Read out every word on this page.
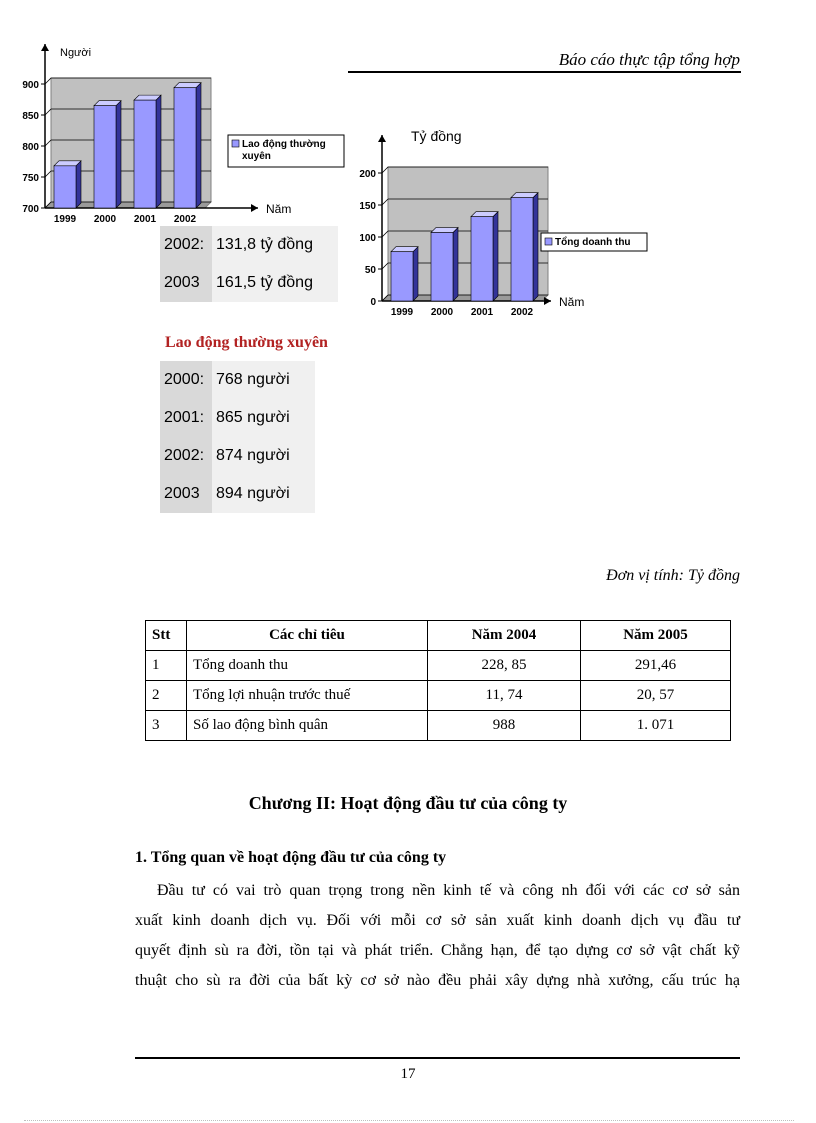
Báo cáo thực tập tổng hợp
700
750
800
850
900
1999 2000 2001 2002
Người
Năm
Lao động thường
xuyên
0
50
100
150
200
1999 2000 2001 2002
Tỷ đồng
Năm
Tổng doanh thu
2002: 131,8 tỷ đồng
2003	161,5 tỷ đồng
Lao động thường xuyên
2000: 768 người
2001: 865 người
2002: 874 người
2003	894 người
Đơn vị tính: Tỷ đồng
Stt	Các chỉ tiêu	Năm 2004	Năm 2005
1	Tổng doanh thu	228, 85	291,46
2	Tổng lợi nhuận trước thuế	11, 74	20, 57
3	Số lao động bình quân	988	1. 071
Chương II: Hoạt động đầu tư của công ty
1. Tổng quan về hoạt động đầu tư của công ty
Đầu tư có vai trò quan trọng trong nền kinh tế và công nh đối với các cơ sở sản
xuất kinh doanh dịch vụ. Đối với mỗi cơ sở sản xuất kinh doanh dịch vụ đầu tư
quyết định sù ra đời, tồn tại và phát triển. Chẳng hạn, để tạo dựng cơ sở vật chất kỹ
thuật cho sù ra đời của bất kỳ cơ sở nào đều phải xây dựng nhà xưởng, cấu trúc hạ
17
